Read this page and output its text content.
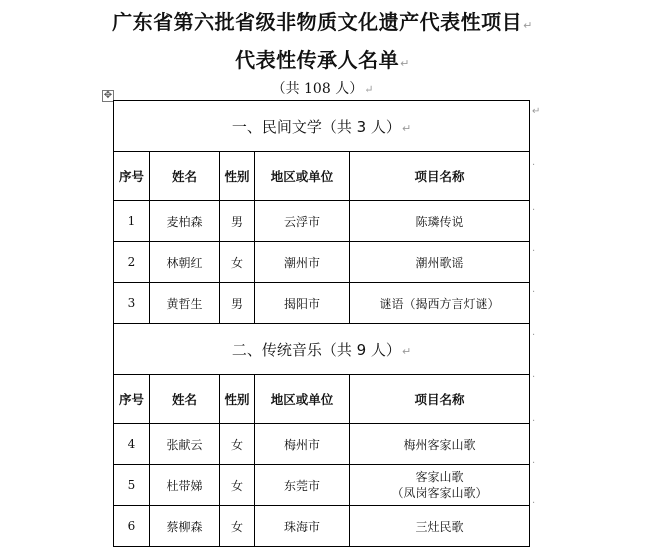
广东省第六批省级非物质文化遗产代表性项目↵
代表性传承人名单↵
（共 108 人）↵
✥
一、民间文学（共 3 人）↵				
序号	姓名	性别	地区或单位	项目名称
1	麦柏森	男	云浮市	陈璘传说
2	林朝红	女	潮州市	潮州歌谣
3	黄哲生	男	揭阳市	谜语（揭西方言灯谜）
二、传统音乐（共 9 人）↵				
序号	姓名	性别	地区或单位	项目名称
4	张献云	女	梅州市	梅州客家山歌
5	杜带娣	女	东莞市	客家山歌
（凤岗客家山歌）

6	蔡柳森	女	珠海市	三灶民歌
↵
·
·
·
·
·
·
·
·
·
